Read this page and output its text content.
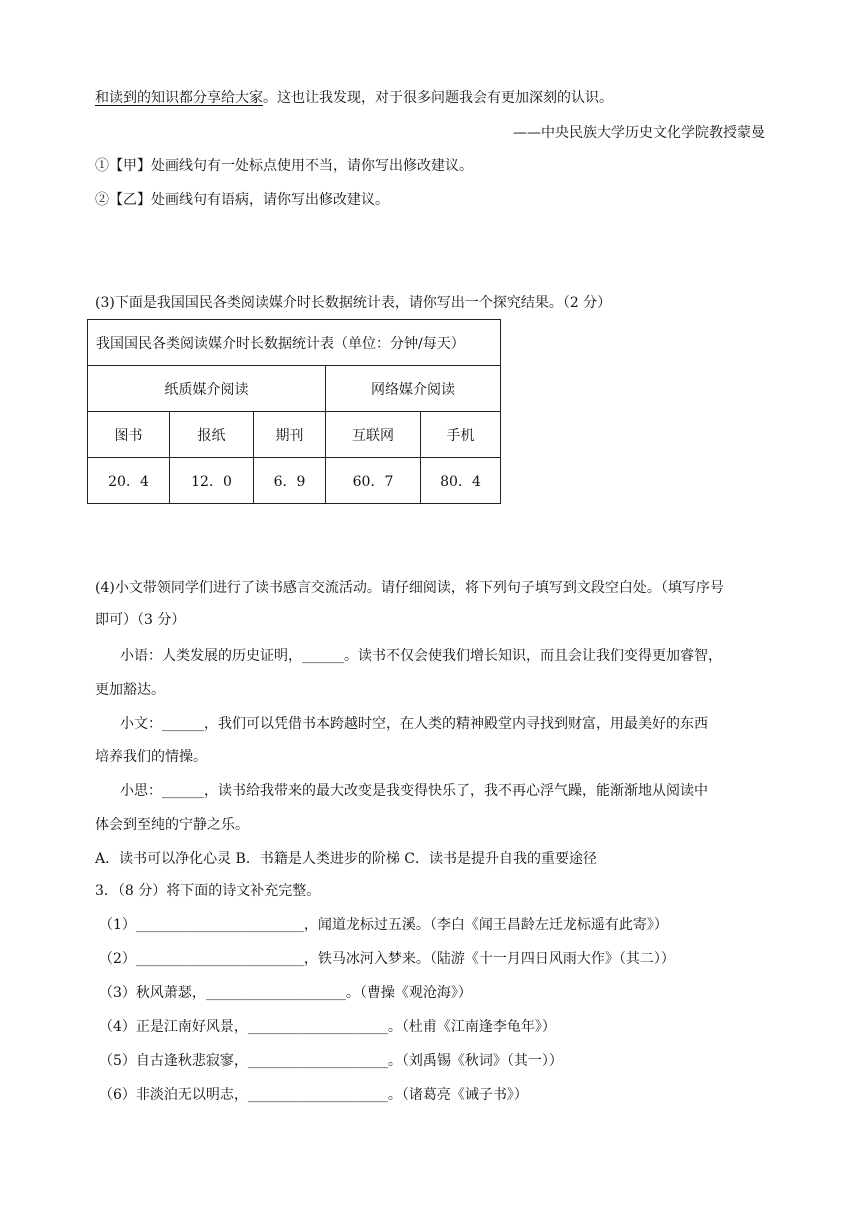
和读到的知识都分享给大家。这也让我发现，对于很多问题我会有更加深刻的认识。
——中央民族大学历史文化学院教授蒙曼
①【甲】处画线句有一处标点使用不当，请你写出修改建议。
②【乙】处画线句有语病，请你写出修改建议。
(3)下面是我国国民各类阅读媒介时长数据统计表，请你写出一个探究结果。（2 分）
我国国民各类阅读媒介时长数据统计表（单位：分钟/每天）				
纸质媒介阅读			网络媒介阅读	
图书	报纸	期刊	互联网	手机
20．4	12．0	6．9	60．7	80．4
(4)小文带领同学们进行了读书感言交流活动。请仔细阅读，将下列句子填写到文段空白处。（填写序号
即可）（3 分）
小语：人类发展的历史证明，______。读书不仅会使我们增长知识，而且会让我们变得更加睿智，
更加豁达。
小文：______，我们可以凭借书本跨越时空，在人类的精神殿堂内寻找到财富，用最美好的东西
培养我们的情操。
小思：______，读书给我带来的最大改变是我变得快乐了，我不再心浮气躁，能渐渐地从阅读中
体会到至纯的宁静之乐。
A．读书可以净化心灵 B．书籍是人类进步的阶梯 C．读书是提升自我的重要途径
3．（8 分）将下面的诗文补充完整。
（1）________________________，闻道龙标过五溪。（李白《闻王昌龄左迁龙标遥有此寄》）
（2）________________________，铁马冰河入梦来。（陆游《十一月四日风雨大作》（其二））
（3）秋风萧瑟，____________________。（曹操《观沧海》）
（4）正是江南好风景，____________________。（杜甫《江南逢李龟年》）
（5）自古逢秋悲寂寥，____________________。（刘禹锡《秋词》（其一））
（6）非淡泊无以明志，____________________。（诸葛亮《诫子书》）
